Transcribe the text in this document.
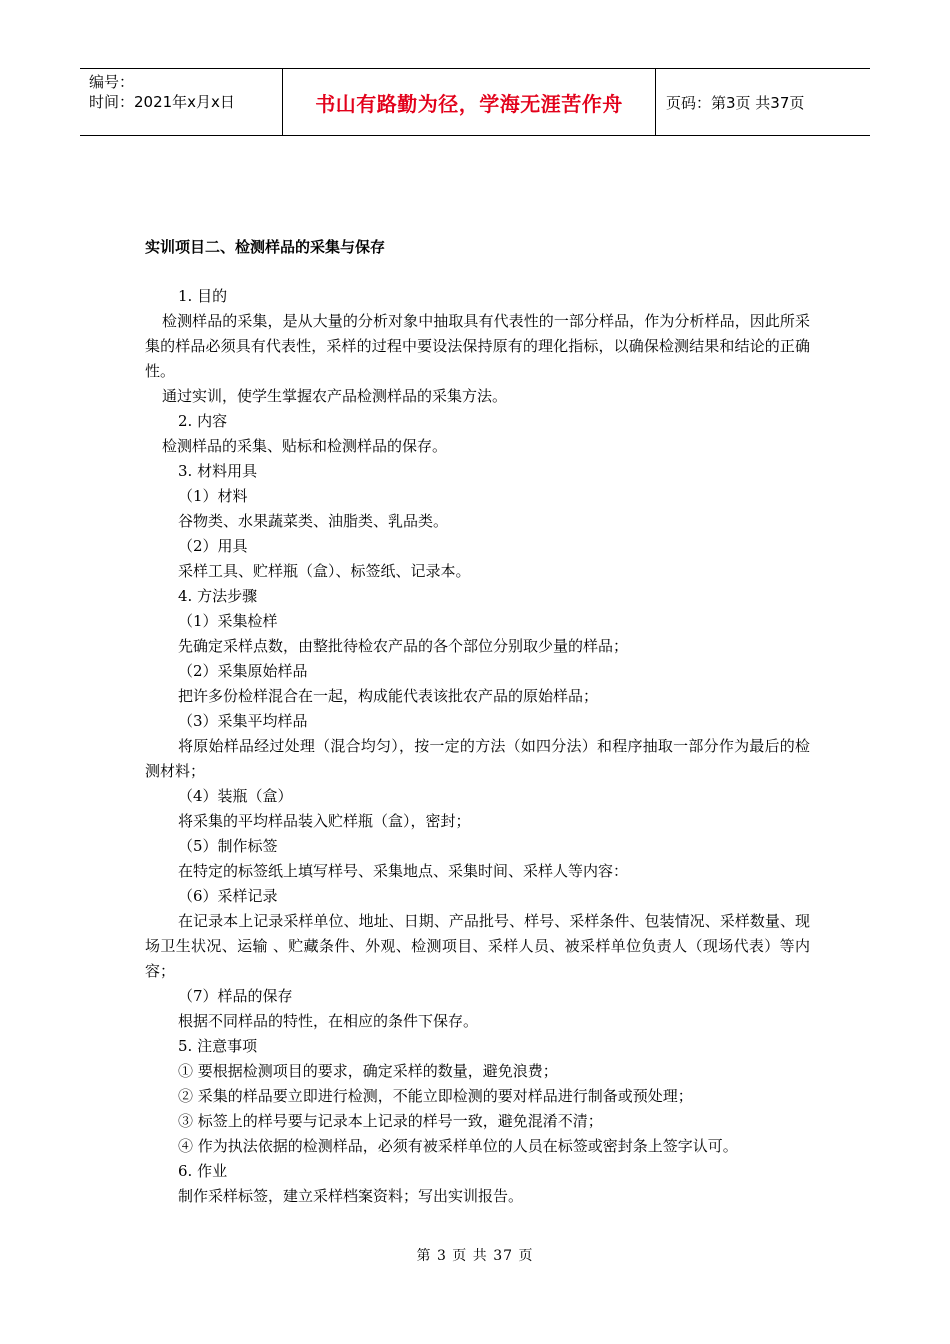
编号：
时间：2021年x月x日	书山有路勤为径，学海无涯苦作舟	页码：第3页 共37页
实训项目二、检测样品的采集与保存
1. 目的
检测样品的采集，是从大量的分析对象中抽取具有代表性的一部分样品，作为分析样品，因此所采集的样品必须具有代表性，采样的过程中要设法保持原有的理化指标，以确保检测结果和结论的正确性。
通过实训，使学生掌握农产品检测样品的采集方法。
2. 内容
检测样品的采集、贴标和检测样品的保存。
3. 材料用具
（1）材料
谷物类、水果蔬菜类、油脂类、乳品类。
（2）用具
采样工具、贮样瓶（盒）、标签纸、记录本。
4. 方法步骤
（1）采集检样
先确定采样点数，由整批待检农产品的各个部位分别取少量的样品；
（2）采集原始样品
把许多份检样混合在一起，构成能代表该批农产品的原始样品；
（3）采集平均样品
将原始样品经过处理（混合均匀），按一定的方法（如四分法）和程序抽取一部分作为最后的检测材料；
（4）装瓶（盒）
将采集的平均样品装入贮样瓶（盒），密封；
（5）制作标签
在特定的标签纸上填写样号、采集地点、采集时间、采样人等内容：
（6）采样记录
在记录本上记录采样单位、地址、日期、产品批号、样号、采样条件、包装情况、采样数量、现场卫生状况、运输 、贮藏条件、外观、检测项目、采样人员、被采样单位负责人（现场代表）等内容；
（7）样品的保存
根据不同样品的特性，在相应的条件下保存。
5. 注意事项
① 要根据检测项目的要求，确定采样的数量，避免浪费；
② 采集的样品要立即进行检测，不能立即检测的要对样品进行制备或预处理；
③ 标签上的样号要与记录本上记录的样号一致，避免混淆不清；
④ 作为执法依据的检测样品，必须有被采样单位的人员在标签或密封条上签字认可。
6. 作业
制作采样标签，建立采样档案资料；写出实训报告。
第 3 页 共 37 页
